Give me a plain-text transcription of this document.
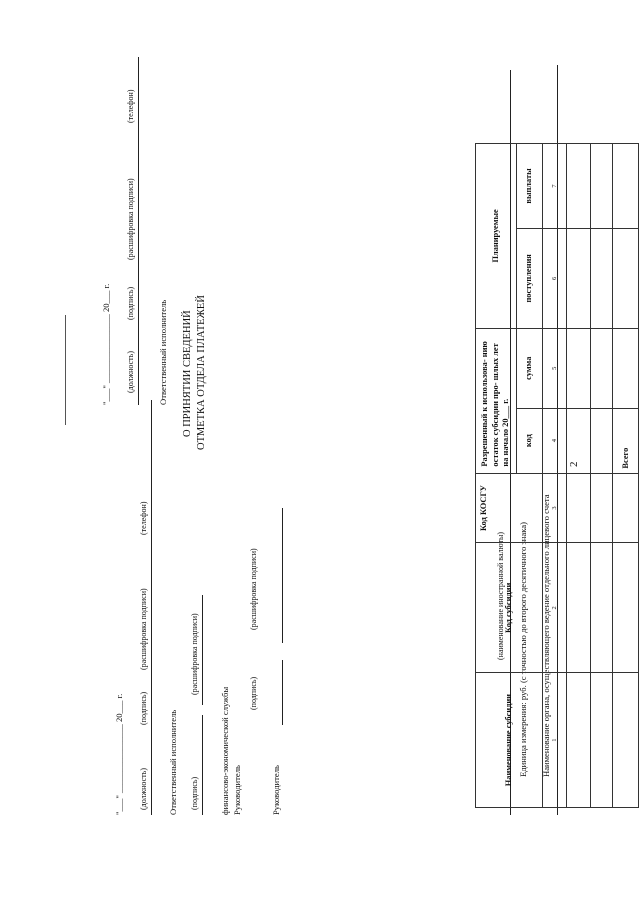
2
Наименование органа, осуществляющего ведение отдельного лицевого счета
Единица измерения: руб. (с точностью до второго десятичного знака)
(наименование иностранной валюты)
Наименование субсидии	Код субсидии	Код КОСГУ	Разрешенный к использова- нию остаток субсидии про- шлых лет на начало 20___ г.		Планируемые	
			код	сумма	поступления	выплаты
1	2	3	4	5	6	7

			Всего			
Руководитель
(подпись)
(расшифровка подписи)
Руководитель
финансово-экономической службы
(подпись)
(расшифровка подписи)
Ответственный исполнитель
(должность)
(подпись)
(расшифровка подписи)
(телефон)
"___" ________________ 20___ г.
ОТМЕТКА ОТДЕЛА ПЛАТЕЖЕЙ
О ПРИНЯТИИ СВЕДЕНИЙ
Ответственный исполнитель
(должность)
(подпись)
(расшифровка подписи)
(телефон)
"___" ________________ 20___ г.
